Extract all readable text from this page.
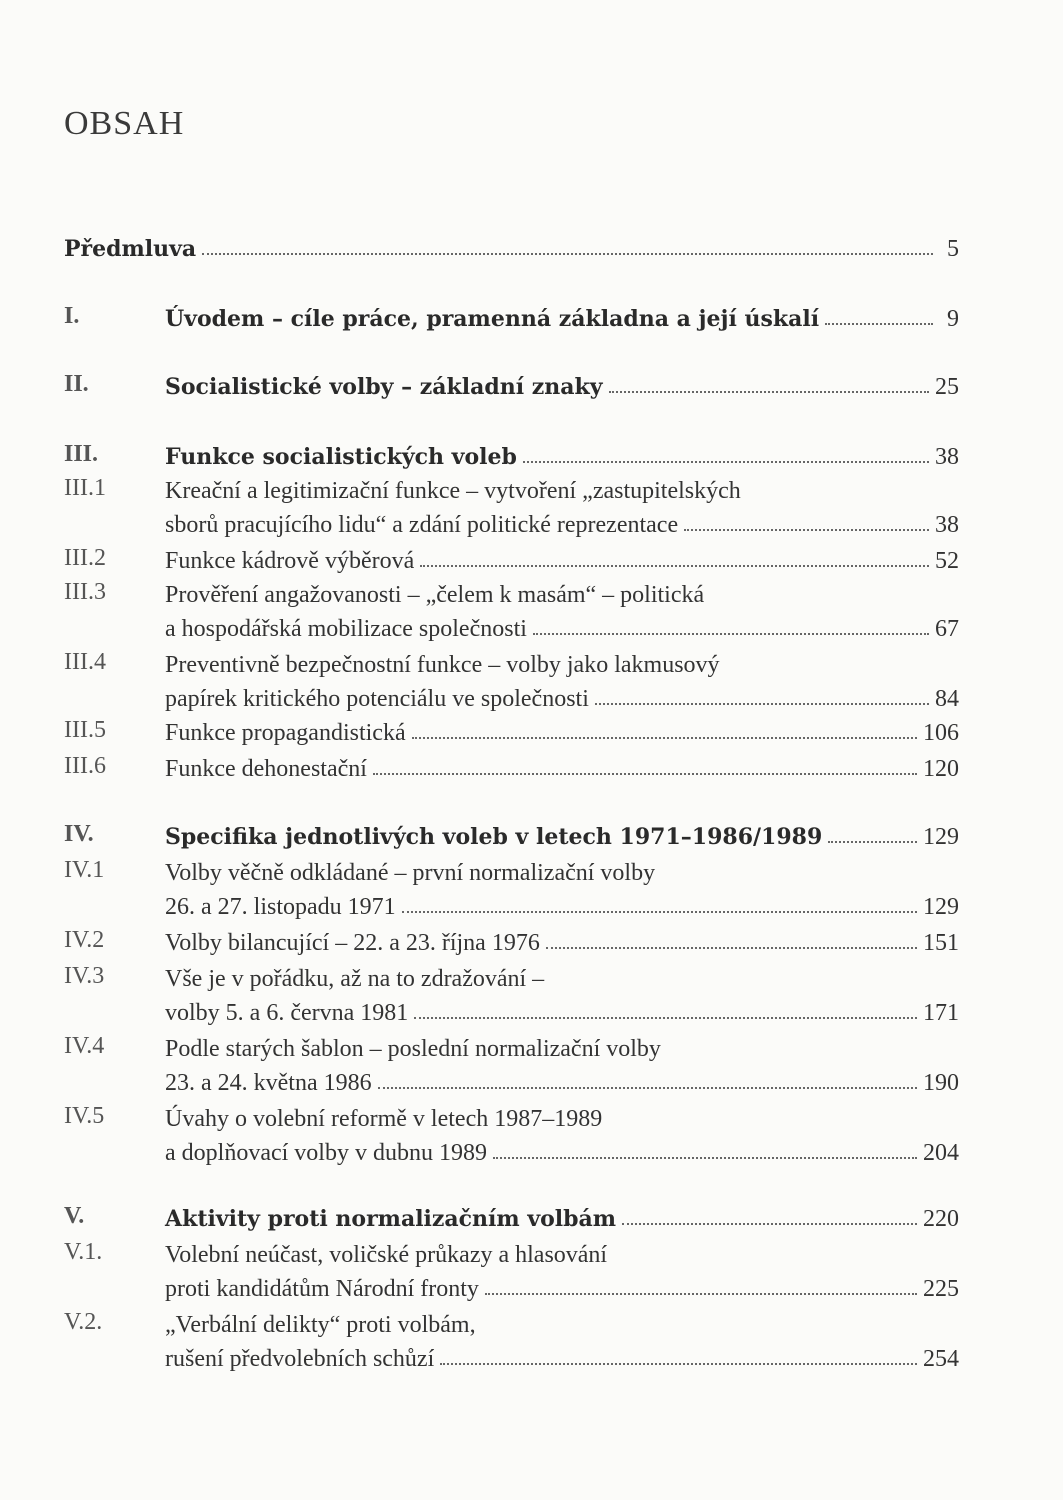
OBSAH
Předmluva	5
I.	Úvodem – cíle práce, pramenná základna a její úskalí	9
II.	Socialistické volby – základní znaky	25
III.	Funkce socialistických voleb	38
III.1 Kreační a legitimizační funkce – vytvoření „zastupitelských
sborů pracujícího lidu“ a zdání politické reprezentace	38
III.2 Funkce kádrově výběrová	52
III.3 Prověření angažovanosti – „čelem k masám“ – politická
a hospodářská mobilizace společnosti	67
III.4 Preventivně bezpečnostní funkce – volby jako lakmusový
papírek kritického potenciálu ve společnosti	84
III.5 Funkce propagandistická	106
III.6 Funkce dehonestační	120
IV.	Specifika jednotlivých voleb v letech 1971–1986/1989	129
IV.1	Volby věčně odkládané – první normalizační volby
26. a 27. listopadu 1971	129
IV.2	Volby bilancující – 22. a 23. října 1976	151
IV.3	Vše je v pořádku, až na to zdražování –
volby 5. a 6. června 1981	171
IV.4	Podle starých šablon – poslední normalizační volby
23. a 24. května 1986	190
IV.5	Úvahy o volební reformě v letech 1987–1989
a doplňovací volby v dubnu 1989	204
V.	Aktivity proti normalizačním volbám	220
V.1.	Volební neúčast, voličské průkazy a hlasování
proti kandidátům Národní fronty	225
V.2.	„Verbální delikty“ proti volbám,
rušení předvolebních schůzí	254
